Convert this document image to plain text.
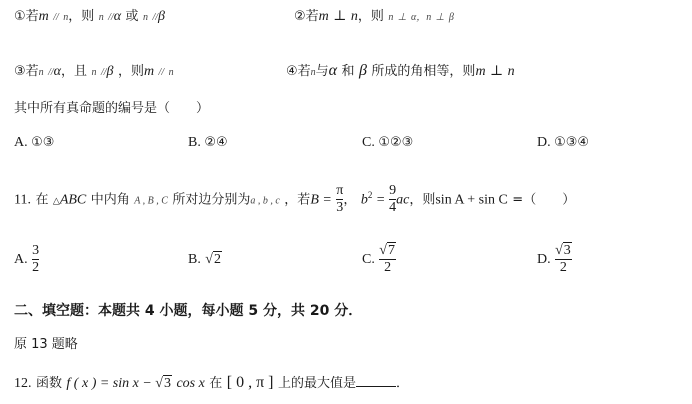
①若m // n，则 n //α 或 n //β	②若m ⊥ n，则 n ⊥ α，n ⊥ β
③若n //α，且 n //β ，则m // n	④若n与α 和 β 所成的角相等，则m ⊥ n
其中所有真命题的编号是（　　）
A. ①③	B. ②④	C. ①②③	D. ①③④
11. 在 △ABC 中内角 A , B , C 所对边分别为a , b , c ，若$B = \frac{\pi}{3}$ ， $b^2 = \frac{9}{4}$ ac，则sin A + sin C =（　　）
A. $\frac{3}{2}$	B. √2	C. $\frac{√7}{2}$	D. $\frac{√3}{2}$
二、填空题：本题共 4 小题，每小题 5 分，共 20 分．
原 13 题略
12. 函数 f ( x ) = sin x − √3 cos x 在 [ 0 , π ] 上的最大值是	．
